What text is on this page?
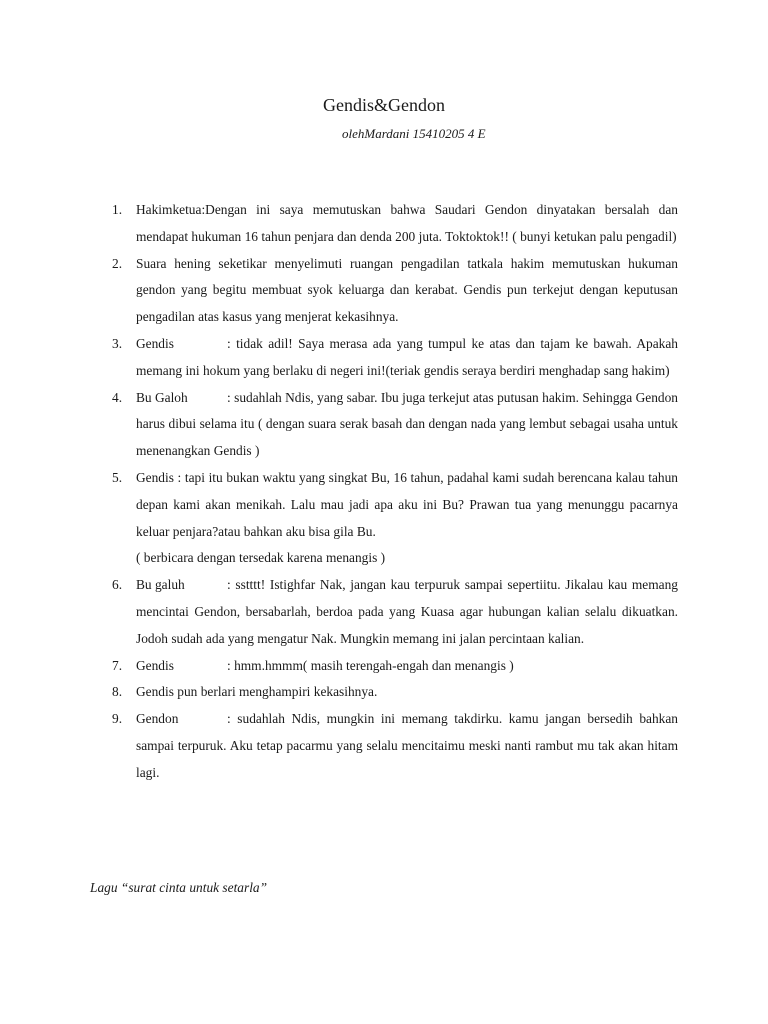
Gendis&Gendon

olehMardani 15410205 4 E

1. Hakimketua:Dengan ini saya memutuskan bahwa Saudari Gendon dinyatakan bersalah dan mendapat hukuman 16 tahun penjara dan denda 200 juta. Toktoktok!! ( bunyi ketukan palu pengadil)
2. Suara hening seketikar menyelimuti ruangan pengadilan tatkala hakim memutuskan hukuman gendon yang begitu membuat syok keluarga dan kerabat. Gendis pun terkejut dengan keputusan pengadilan atas kasus yang menjerat kekasihnya.
3. Gendis	: tidak adil! Saya merasa ada yang tumpul ke atas dan tajam ke bawah. Apakah memang ini hokum yang berlaku di negeri ini!(teriak gendis seraya berdiri menghadap sang hakim)
4. Bu Galoh	: sudahlah Ndis, yang sabar. Ibu juga terkejut atas putusan hakim. Sehingga Gendon harus dibui selama itu ( dengan suara serak basah dan dengan nada yang lembut sebagai usaha untuk menenangkan Gendis )
5. Gendis : tapi itu bukan waktu yang singkat Bu, 16 tahun, padahal kami sudah berencana kalau tahun depan kami akan menikah. Lalu mau jadi apa aku ini Bu? Prawan tua yang menunggu pacarnya keluar penjara?atau bahkan aku bisa gila Bu.
( berbicara dengan tersedak karena menangis )
6. Bu galuh	: sstttt! Istighfar Nak, jangan kau terpuruk sampai sepertiitu. Jikalau kau memang mencintai Gendon, bersabarlah, berdoa pada yang Kuasa agar hubungan kalian selalu dikuatkan. Jodoh sudah ada yang mengatur Nak. Mungkin memang ini jalan percintaan kalian.
7. Gendis	: hmm.hmmm( masih terengah-engah dan menangis )
8. Gendis pun berlari menghampiri kekasihnya.
9. Gendon	: sudahlah Ndis, mungkin ini memang takdirku. kamu jangan bersedih bahkan sampai terpuruk. Aku tetap pacarmu yang selalu mencitaimu meski nanti rambut mu tak akan hitam lagi.

Lagu “surat cinta untuk setarla”
